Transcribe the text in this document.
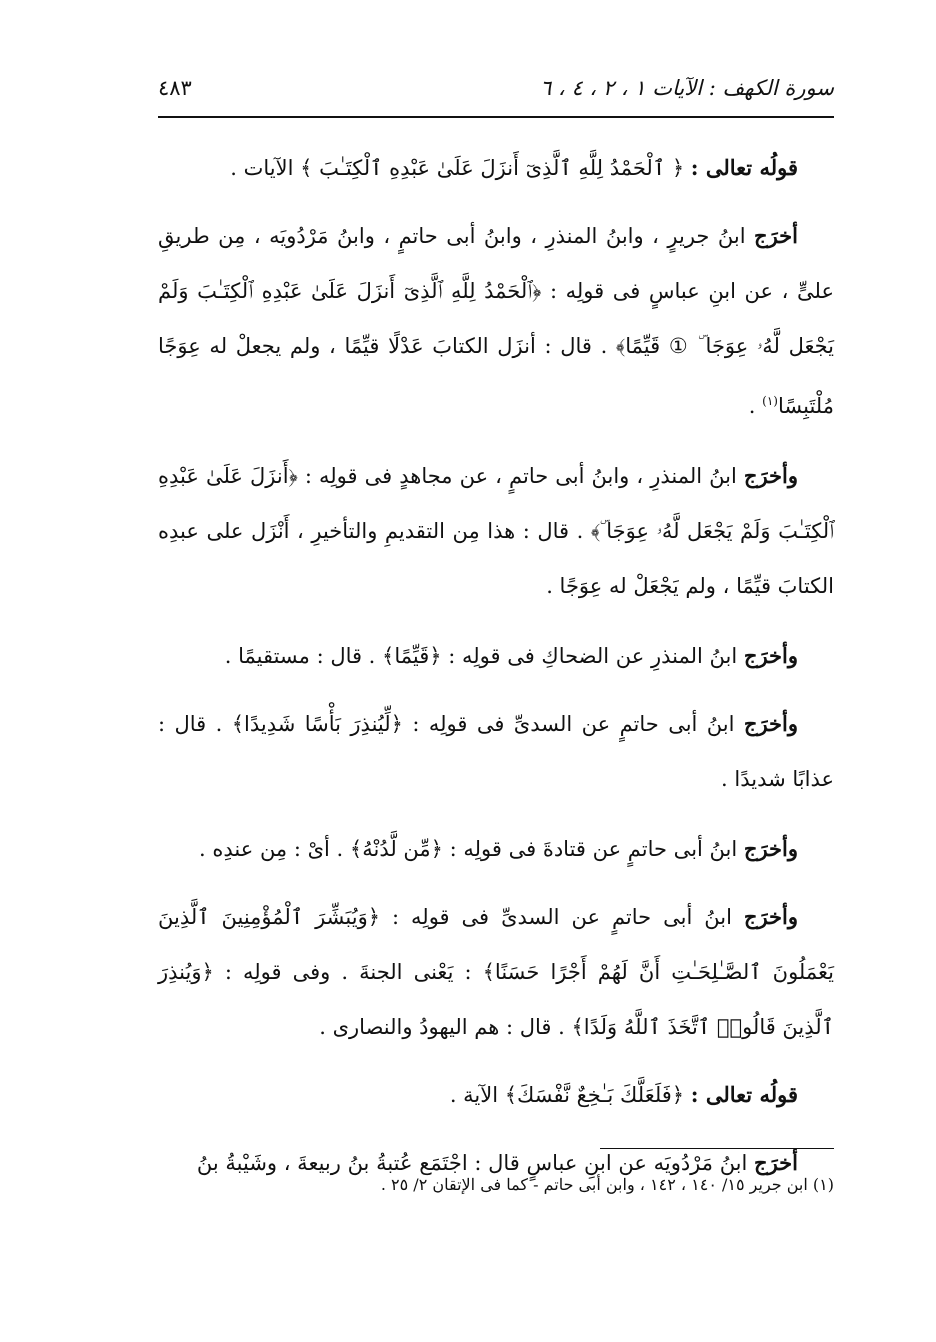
سورة الكهف : الآيات ١ ، ٢ ، ٤ ، ٦
٤٨٣

قولُه تعالى : ﴿ ٱلْحَمْدُ لِلَّهِ ٱلَّذِىٓ أَنزَلَ عَلَىٰ عَبْدِهِ ٱلْكِتَـٰبَ ﴾ الآيات .

أخرَج ابنُ جريرٍ ، وابنُ المنذرِ ، وابنُ أبى حاتمٍ ، وابنُ مَرْدُويَه ، مِن طريقِ علىٍّ ، عن ابنِ عباسٍ فى قولِه : ﴿ٱلْحَمْدُ لِلَّهِ ٱلَّذِىٓ أَنزَلَ عَلَىٰ عَبْدِهِ ٱلْكِتَـٰبَ وَلَمْ يَجْعَل لَّهُۥ عِوَجَا ۜ ① قَيِّمًا﴾ . قال : أنزَل الكتابَ عَدْلًا قيِّمًا ، ولم يجعلْ له عِوَجًا مُلْتَبِسًا$^{(١)}$ .

وأخرَج ابنُ المنذرِ ، وابنُ أبى حاتمٍ ، عن مجاهدٍ فى قولِه : ﴿أَنزَلَ عَلَىٰ عَبْدِهِ ٱلْكِتَـٰبَ وَلَمْ يَجْعَل لَّهُۥ عِوَجَا ۜ﴾ . قال : هذا مِن التقديمِ والتأخيرِ ، أَنْزَل على عبدِه الكتابَ قيِّمًا ، ولم يَجْعَلْ له عِوَجًا .

وأخرَج ابنُ المنذرِ عن الضحاكِ فى قولِه : ﴿قَيِّمًا﴾ . قال : مستقيمًا .

وأخرَج ابنُ أبى حاتمٍ عن السدىِّ فى قولِه : ﴿لِّيُنذِرَ بَأْسًا شَدِيدًا﴾ . قال : عذابًا شديدًا .

وأخرَج ابنُ أبى حاتمٍ عن قتادةَ فى قولِه : ﴿مِّن لَّدُنْهُ﴾ . أىْ : مِن عندِه .

وأخرَج ابنُ أبى حاتمٍ عن السدىِّ فى قولِه : ﴿وَيُبَشِّرَ ٱلْمُؤْمِنِينَ ٱلَّذِينَ يَعْمَلُونَ ٱلصَّـٰلِحَـٰتِ أَنَّ لَهُمْ أَجْرًا حَسَنًا﴾ : يَعْنى الجنةَ . وفى قولِه : ﴿وَيُنذِرَ ٱلَّذِينَ قَالُوا۟ ٱتَّخَذَ ٱللَّهُ وَلَدًا﴾ . قال : هم اليهودُ والنصارى .

قولُه تعالى : ﴿فَلَعَلَّكَ بَـٰخِعٌ نَّفْسَكَ﴾ الآية .

أخرَج ابنُ مَرْدُويَه عن ابنِ عباسٍ قال : اجْتَمَع عُتبةُ بنُ ربيعةَ ، وشَيْبةُ بنُ

(١) ابن جرير ١٥/ ١٤٠ ، ١٤٢ ، وابن أبى حاتم - كما فى الإتقان ٢/ ٢٥ .
